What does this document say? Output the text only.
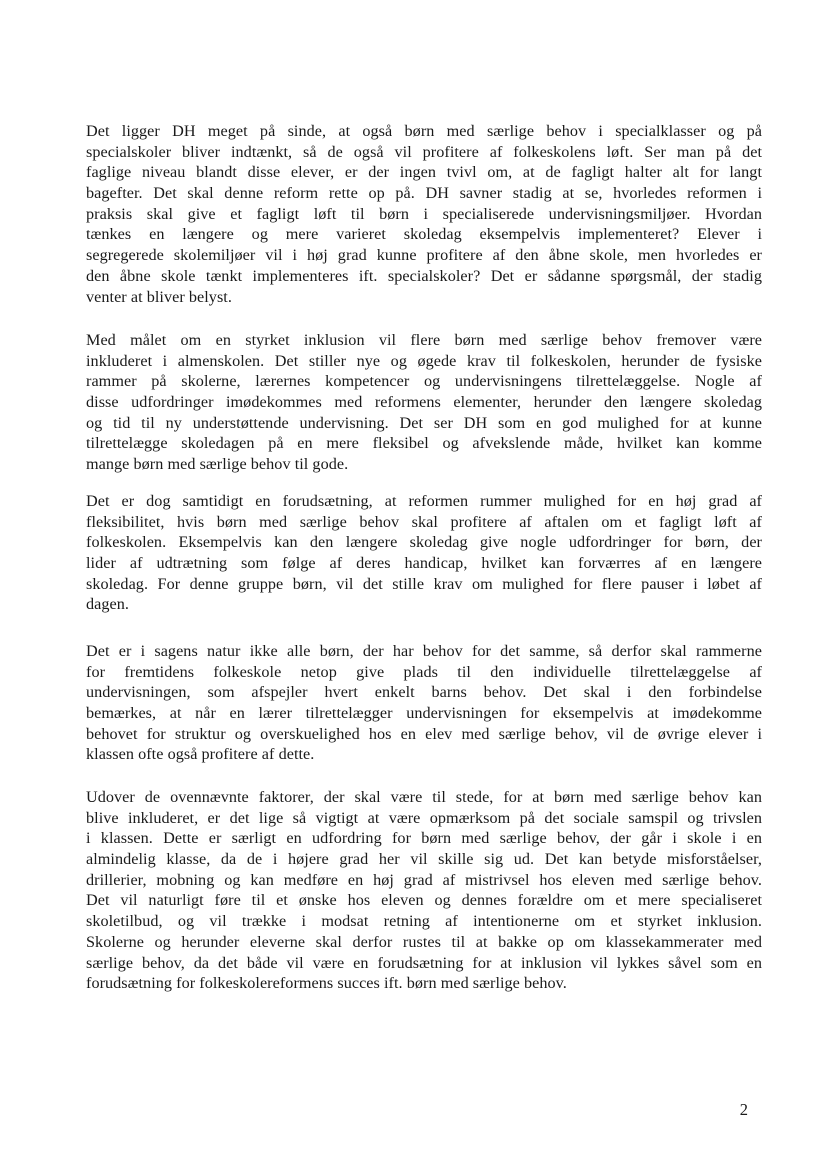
Det ligger DH meget på sinde, at også børn med særlige behov i specialklasser og på
specialskoler bliver indtænkt, så de også vil profitere af folkeskolens løft. Ser man på det
faglige niveau blandt disse elever, er der ingen tvivl om, at de fagligt halter alt for langt
bagefter. Det skal denne reform rette op på. DH savner stadig at se, hvorledes reformen i
praksis skal give et fagligt løft til børn i specialiserede undervisningsmiljøer. Hvordan
tænkes en længere og mere varieret skoledag eksempelvis implementeret? Elever i
segregerede skolemiljøer vil i høj grad kunne profitere af den åbne skole, men hvorledes er
den åbne skole tænkt implementeres ift. specialskoler? Det er sådanne spørgsmål, der stadig
venter at bliver belyst.
Med målet om en styrket inklusion vil flere børn med særlige behov fremover være
inkluderet i almenskolen. Det stiller nye og øgede krav til folkeskolen, herunder de fysiske
rammer på skolerne, lærernes kompetencer og undervisningens tilrettelæggelse. Nogle af
disse udfordringer imødekommes med reformens elementer, herunder den længere skoledag
og tid til ny understøttende undervisning. Det ser DH som en god mulighed for at kunne
tilrettelægge skoledagen på en mere fleksibel og afvekslende måde, hvilket kan komme
mange børn med særlige behov til gode.
Det er dog samtidigt en forudsætning, at reformen rummer mulighed for en høj grad af
fleksibilitet, hvis børn med særlige behov skal profitere af aftalen om et fagligt løft af
folkeskolen. Eksempelvis kan den længere skoledag give nogle udfordringer for børn, der
lider af udtrætning som følge af deres handicap, hvilket kan forværres af en længere
skoledag. For denne gruppe børn, vil det stille krav om mulighed for flere pauser i løbet af
dagen.
Det er i sagens natur ikke alle børn, der har behov for det samme, så derfor skal rammerne
for fremtidens folkeskole netop give plads til den individuelle tilrettelæggelse af
undervisningen, som afspejler hvert enkelt barns behov. Det skal i den forbindelse
bemærkes, at når en lærer tilrettelægger undervisningen for eksempelvis at imødekomme
behovet for struktur og overskuelighed hos en elev med særlige behov, vil de øvrige elever i
klassen ofte også profitere af dette.
Udover de ovennævnte faktorer, der skal være til stede, for at børn med særlige behov kan
blive inkluderet, er det lige så vigtigt at være opmærksom på det sociale samspil og trivslen
i klassen. Dette er særligt en udfordring for børn med særlige behov, der går i skole i en
almindelig klasse, da de i højere grad her vil skille sig ud. Det kan betyde misforståelser,
drillerier, mobning og kan medføre en høj grad af mistrivsel hos eleven med særlige behov.
Det vil naturligt føre til et ønske hos eleven og dennes forældre om et mere specialiseret
skoletilbud, og vil trække i modsat retning af intentionerne om et styrket inklusion.
Skolerne og herunder eleverne skal derfor rustes til at bakke op om klassekammerater med
særlige behov, da det både vil være en forudsætning for at inklusion vil lykkes såvel som en
forudsætning for folkeskolereformens succes ift. børn med særlige behov.
2
